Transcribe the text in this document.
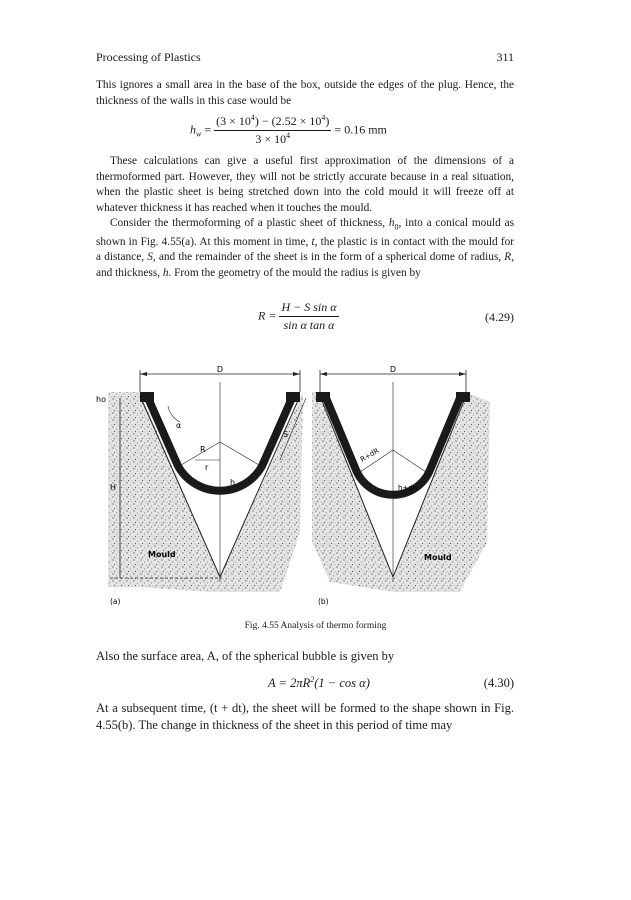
Processing of Plastics	311

This ignores a small area in the base of the box, outside the edges of the plug. Hence, the thickness of the walls in this case would be

$h_w = \frac{(3 \times 10^4) - (2.52 \times 10^4)}{3 \times 10^4} = 0.16$ mm

These calculations can give a useful first approximation of the dimensions of a thermoformed part. However, they will not be strictly accurate because in a real situation, when the plastic sheet is being stretched down into the cold mould it will freeze off at whatever thickness it has reached when it touches the mould.

Consider the thermoforming of a plastic sheet of thickness, $h_0$, into a conical mould as shown in Fig. 4.55(a). At this moment in time, t, the plastic is in contact with the mould for a distance, S, and the remainder of the sheet is in the form of a spherical dome of radius, R, and thickness, h. From the geometry of the mould the radius is given by

$R = \frac{\text{H − S sin α}}{\text{sin α tan α}}$	(4.29)
D
H
ho
R
r
h
α
S
Mould
(a)
D
R+dR
h+dh
Mould
(b)
Fig. 4.55 Analysis of thermo forming

Also the surface area, A, of the spherical bubble is given by

$A = 2\pi R^2(1 - \cos \alpha)$	(4.30)

At a subsequent time, (t + dt), the sheet will be formed to the shape shown in Fig. 4.55(b). The change in thickness of the sheet in this period of time may
